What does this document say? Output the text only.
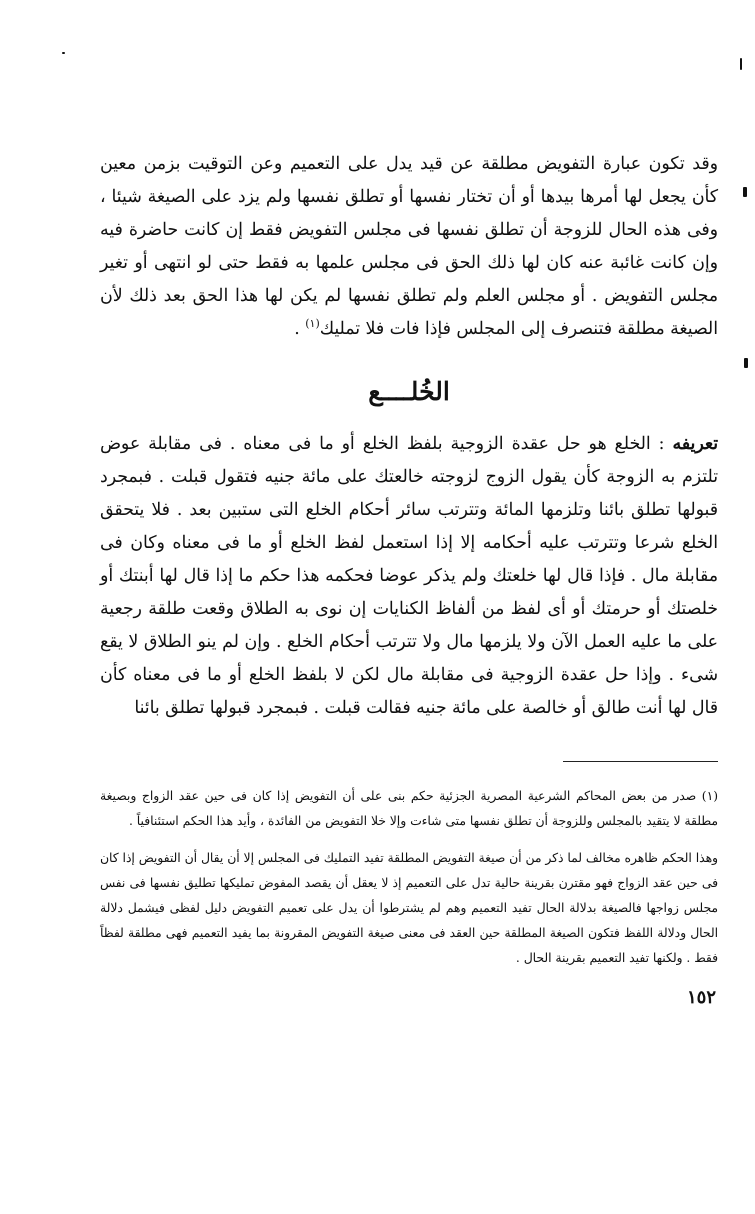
وقد تكون عبارة التفويض مطلقة عن قيد يدل على التعميم وعن التوقيت بزمن معين كأن يجعل لها أمرها بيدها أو أن تختار نفسها أو تطلق نفسها ولم يزد على الصيغة شيئا ، وفى هذه الحال للزوجة أن تطلق نفسها فى مجلس التفويض فقط إن كانت حاضرة فيه وإن كانت غائبة عنه كان لها ذلك الحق فى مجلس علمها به فقط حتى لو انتهى أو تغير مجلس التفويض . أو مجلس العلم ولم تطلق نفسها لم يكن لها هذا الحق بعد ذلك لأن الصيغة مطلقة فتنصرف إلى المجلس فإذا فات فلا تمليك$^{(١)}$ .

الخُلــــع

تعريفه : الخلع هو حل عقدة الزوجية بلفظ الخلع أو ما فى معناه . فى مقابلة عوض تلتزم به الزوجة كأن يقول الزوج لزوجته خالعتك على مائة جنيه فتقول قبلت . فبمجرد قبولها تطلق بائنا وتلزمها المائة وتترتب سائر أحكام الخلع التى ستبين بعد . فلا يتحقق الخلع شرعا وتترتب عليه أحكامه إلا إذا استعمل لفظ الخلع أو ما فى معناه وكان فى مقابلة مال . فإذا قال لها خلعتك ولم يذكر عوضا فحكمه هذا حكم ما إذا قال لها أبنتك أو خلصتك أو حرمتك أو أى لفظ من ألفاظ الكنايات إن نوى به الطلاق وقعت طلقة رجعية على ما عليه العمل الآن ولا يلزمها مال ولا تترتب أحكام الخلع . وإن لم ينو الطلاق لا يقع شىء . وإذا حل عقدة الزوجية فى مقابلة مال لكن لا بلفظ الخلع أو ما فى معناه كأن قال لها أنت طالق أو خالصة على مائة جنيه فقالت قبلت . فبمجرد قبولها تطلق بائنا

(١) صدر من بعض المحاكم الشرعية المصرية الجزئية حكم بنى على أن التفويض إذا كان فى حين عقد الزواج وبصيغة مطلقة لا يتقيد بالمجلس وللزوجة أن تطلق نفسها متى شاءت وإلا خلا التفويض من الفائدة ، وأيد هذا الحكم استئنافياً .

وهذا الحكم ظاهره مخالف لما ذكر من أن صيغة التفويض المطلقة تفيد التمليك فى المجلس إلا أن يقال أن التفويض إذا كان فى حين عقد الزواج فهو مقترن بقرينة حالية تدل على التعميم إذ لا يعقل أن يقصد المفوض تمليكها تطليق نفسها فى نفس مجلس زواجها فالصيغة بدلالة الحال تفيد التعميم وهم لم يشترطوا أن يدل على تعميم التفويض دليل لفظى فيشمل دلالة الحال ودلالة اللفظ فتكون الصيغة المطلقة حين العقد فى معنى صيغة التفويض المقرونة بما يفيد التعميم فهى مطلقة لفظاً فقط . ولكنها تفيد التعميم بقرينة الحال .

١٥٢
